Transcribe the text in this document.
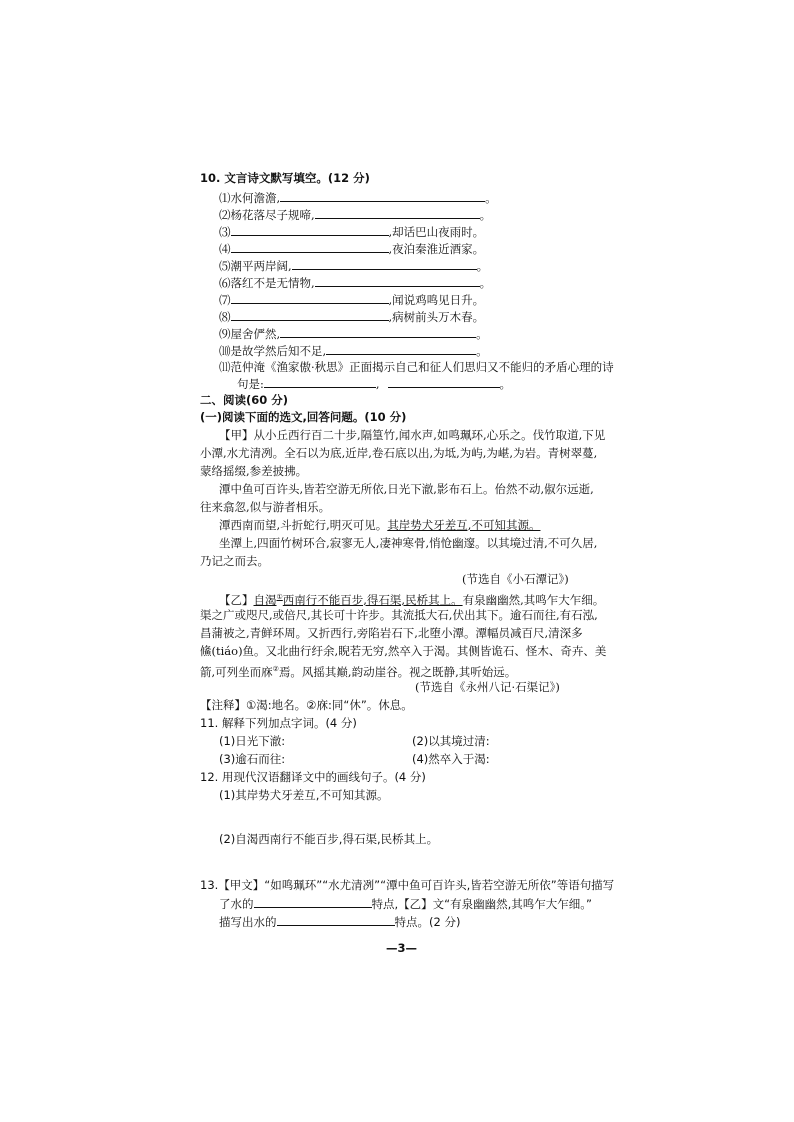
10. 文言诗文默写填空。(12 分)
⑴水何澹澹,	。
⑵杨花落尽子规啼,	。
⑶	,却话巴山夜雨时。
⑷	,夜泊秦淮近酒家。
⑸潮平两岸阔,	。
⑹落红不是无情物,	。
⑺	,闻说鸡鸣见日升。
⑻	,病树前头万木春。
⑼屋舍俨然,	。
⑽是故学然后知不足,	。
⑾范仲淹《渔家傲·秋思》正面揭示自己和征人们思归又不能归的矛盾心理的诗
句是:	,	。
二、阅读(60 分)
(一)阅读下面的选文,回答问题。(10 分)
【甲】从小丘西行百二十步,隔篁竹,闻水声,如鸣珮环,心乐之。伐竹取道,下见
小潭,水尤清冽。全石以为底,近岸,卷石底以出,为坻,为屿,为嵁,为岩。青树翠蔓,
蒙络摇缀,参差披拂。
潭中鱼可百许头,皆若空游无所依,日光下澈,影布石上。佁然不动,俶尔远逝,
往来翕忽,似与游者相乐。
潭西南而望,斗折蛇行,明灭可见。其岸势犬牙差互,不可知其源。
坐潭上,四面竹树环合,寂寥无人,凄神寒骨,悄怆幽邃。以其境过清,不可久居,
乃记之而去。
(节选自《小石潭记》)
【乙】自渴①西南行不能百步,得石渠,民桥其上。有泉幽幽然,其鸣乍大乍细。
渠之广或咫尺,或倍尺,其长可十许步。其流抵大石,伏出其下。逾石而往,有石泓,
昌蒲被之,青鲜环周。又折西行,旁陷岩石下,北堕小潭。潭幅员减百尺,清深多
鯈(tiáo)鱼。又北曲行纡余,睨若无穷,然卒入于渴。其侧皆诡石、怪木、奇卉、美
箭,可列坐而庥②焉。风摇其巅,韵动崖谷。视之既静,其听始远。
(节选自《永州八记·石渠记》)
【注释】①渴:地名。②庥:同“休”。休息。
11. 解释下列加点字词。(4 分)
(1)日光下澈:	(2)以其境过清:
(3)逾石而往:	(4)然卒入于渴:
12. 用现代汉语翻译文中的画线句子。(4 分)
(1)其岸势犬牙差互,不可知其源。
(2)自渴西南行不能百步,得石渠,民桥其上。
13.【甲文】“如鸣珮环”“水尤清冽”“潭中鱼可百许头,皆若空游无所依”等语句描写
了水的	特点,【乙】文“有泉幽幽然,其鸣乍大乍细。”
描写出水的	特点。(2 分)
—3—
